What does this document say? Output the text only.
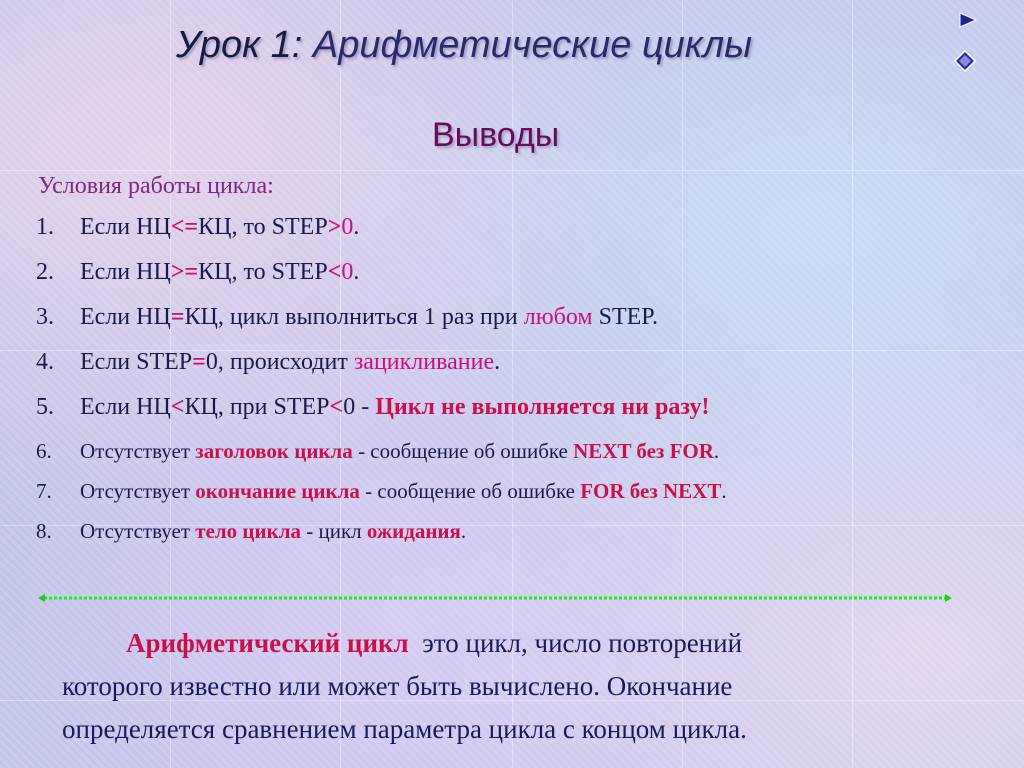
Урок 1: Арифметические циклы
Выводы
Условия работы цикла:
1. Если НЦ<=КЦ, то STEP>0.
2. Если НЦ>=КЦ, то STEP<0.
3. Если НЦ=КЦ, цикл выполниться 1 раз при любом STEP.
4. Если STEP=0, происходит зацикливание.
5. Если НЦ<КЦ, при STEP<0 - Цикл не выполняется ни разу!
6. Отсутствует заголовок цикла - сообщение об ошибке NEXT без FOR.
7. Отсутствует окончание цикла - сообщение об ошибке FOR без NEXT.
8. Отсутствует тело цикла - цикл ожидания.
Арифметический цикл  это цикл, число повторений
которого известно или может быть вычислено. Окончание
определяется сравнением параметра цикла с концом цикла.
